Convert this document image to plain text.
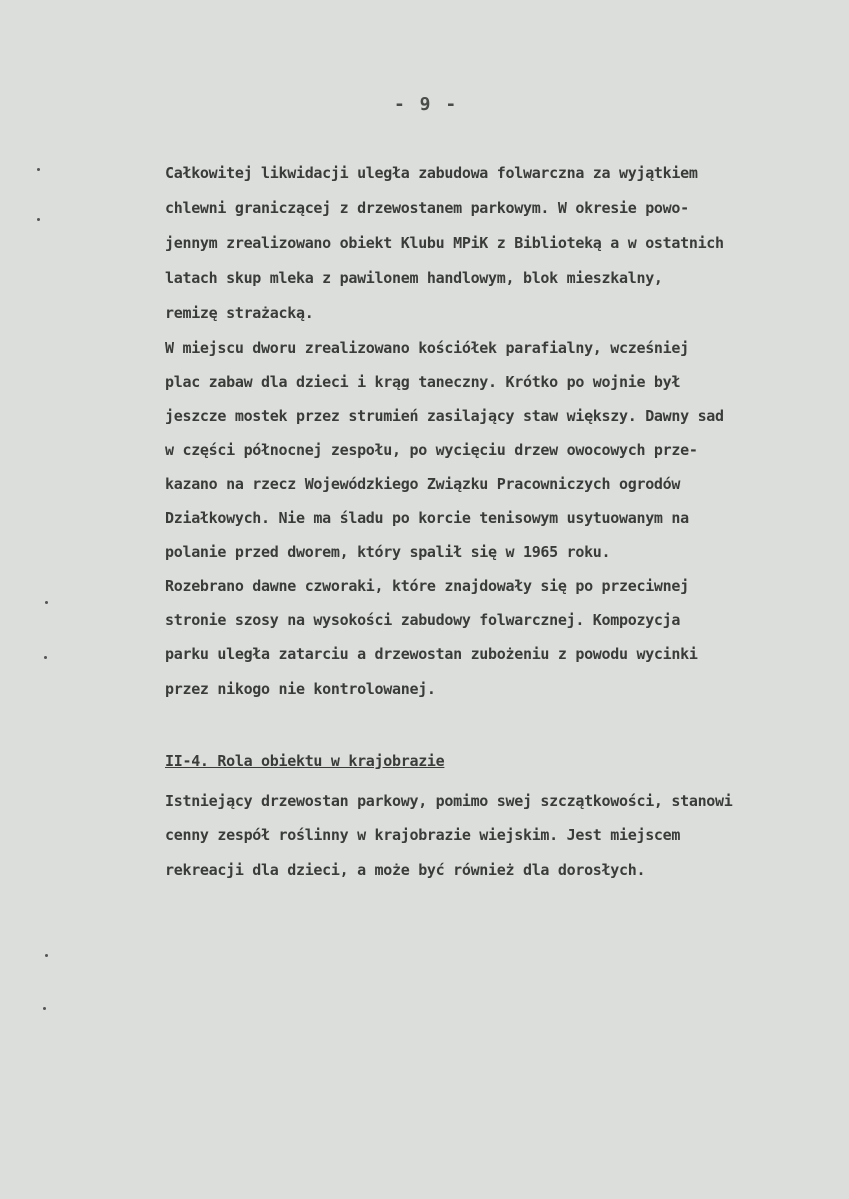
- 9 -
Całkowitej likwidacji uległa zabudowa folwarczna za wyjątkiem
chlewni graniczącej z drzewostanem parkowym. W okresie powo-
jennym zrealizowano obiekt Klubu MPiK z Biblioteką a w ostatnich
latach skup mleka z pawilonem handlowym, blok mieszkalny,
remizę strażacką.
W miejscu dworu zrealizowano kościółek parafialny, wcześniej
plac zabaw dla dzieci i krąg taneczny. Krótko po wojnie był
jeszcze mostek przez strumień zasilający staw większy. Dawny sad
w części północnej zespołu, po wycięciu drzew owocowych prze-
kazano na rzecz Wojewódzkiego Związku Pracowniczych ogrodów
Działkowych. Nie ma śladu po korcie tenisowym usytuowanym na
polanie przed dworem, który spalił się w 1965 roku.
Rozebrano dawne czworaki, które znajdowały się po przeciwnej
stronie szosy na wysokości zabudowy folwarcznej. Kompozycja
parku uległa zatarciu a drzewostan zubożeniu z powodu wycinki
przez nikogo nie kontrolowanej.
II-4. Rola obiektu w krajobrazie
Istniejący drzewostan parkowy, pomimo swej szczątkowości, stanowi
cenny zespół roślinny w krajobrazie wiejskim. Jest miejscem
rekreacji dla dzieci, a może być również dla dorosłych.
